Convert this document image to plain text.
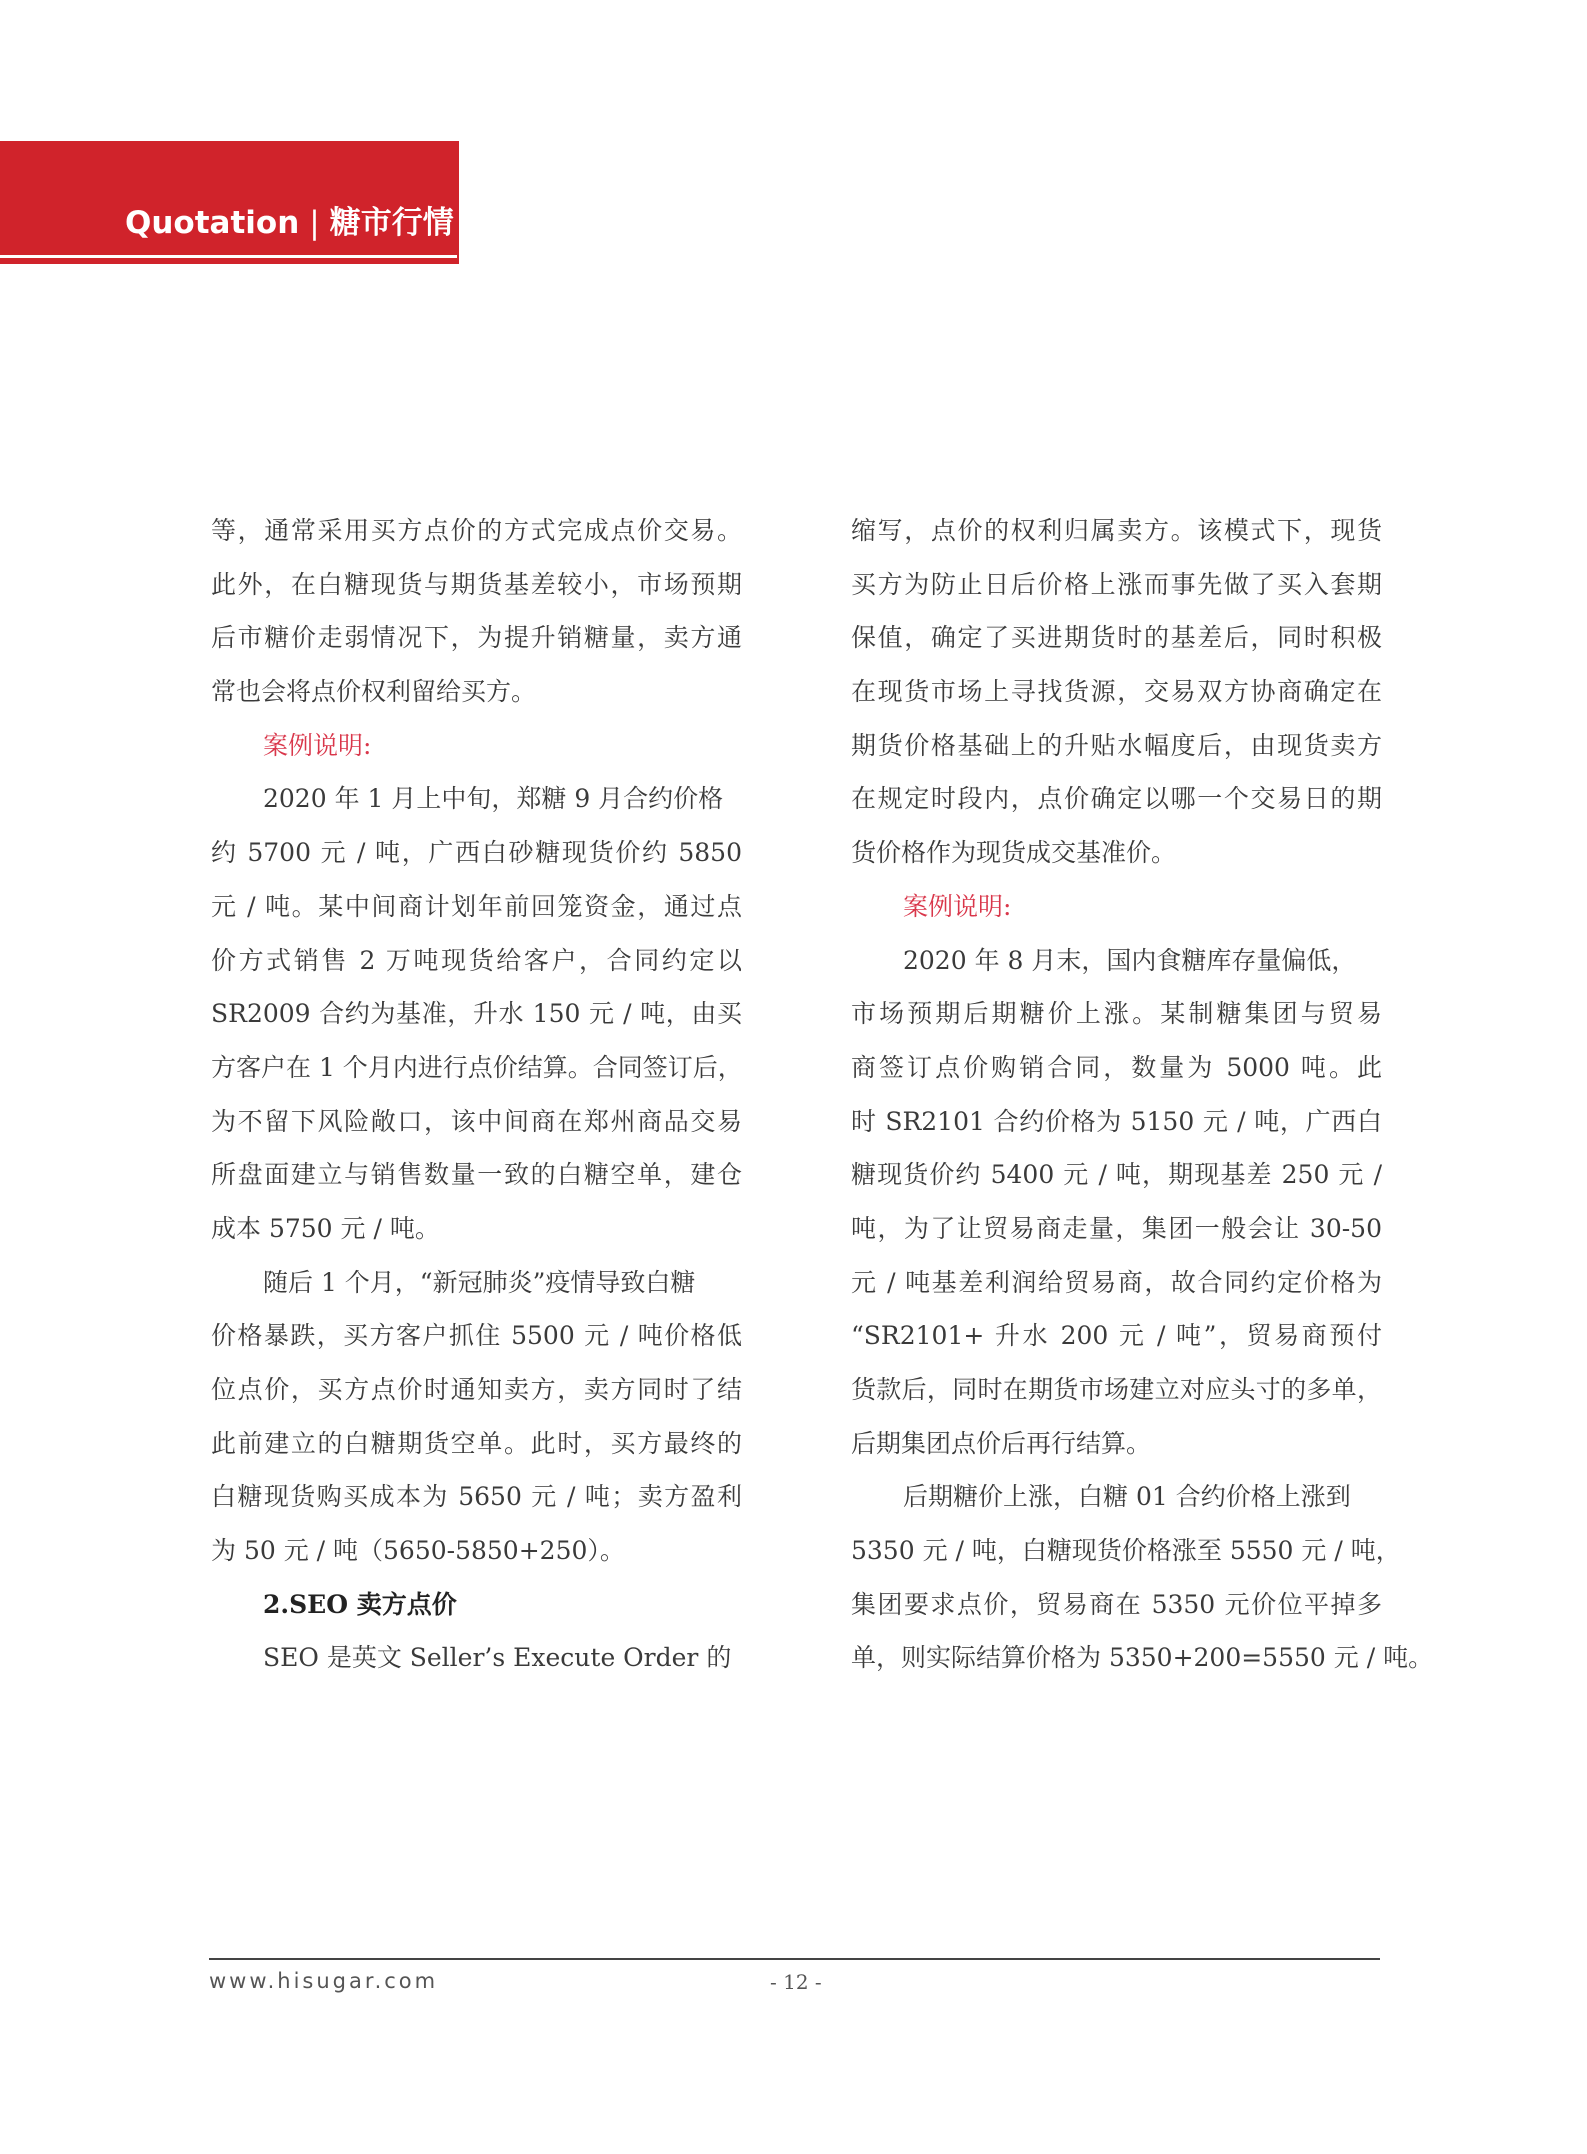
Quotation | 糖市行情
等，通常采用买方点价的方式完成点价交易。
此外，在白糖现货与期货基差较小，市场预期
后市糖价走弱情况下，为提升销糖量，卖方通
常也会将点价权利留给买方。
案例说明:
2020 年 1 月上中旬，郑糖 9 月合约价格
约 5700 元 / 吨，广西白砂糖现货价约 5850
元 / 吨。某中间商计划年前回笼资金，通过点
价方式销售 2 万吨现货给客户，合同约定以
SR2009 合约为基准，升水 150 元 / 吨，由买
方客户在 1 个月内进行点价结算。合同签订后，
为不留下风险敞口，该中间商在郑州商品交易
所盘面建立与销售数量一致的白糖空单，建仓
成本 5750 元 / 吨。
随后 1 个月，“新冠肺炎”疫情导致白糖
价格暴跌，买方客户抓住 5500 元 / 吨价格低
位点价，买方点价时通知卖方，卖方同时了结
此前建立的白糖期货空单。此时，买方最终的
白糖现货购买成本为 5650 元 / 吨；卖方盈利
为 50 元 / 吨（5650-5850+250）。
2.SEO 卖方点价
SEO 是英文 Seller’s Execute Order 的
缩写，点价的权利归属卖方。该模式下，现货
买方为防止日后价格上涨而事先做了买入套期
保值，确定了买进期货时的基差后，同时积极
在现货市场上寻找货源，交易双方协商确定在
期货价格基础上的升贴水幅度后，由现货卖方
在规定时段内，点价确定以哪一个交易日的期
货价格作为现货成交基准价。
案例说明:
2020 年 8 月末，国内食糖库存量偏低，
市场预期后期糖价上涨。某制糖集团与贸易
商签订点价购销合同，数量为 5000 吨。此
时 SR2101 合约价格为 5150 元 / 吨，广西白
糖现货价约 5400 元 / 吨，期现基差 250 元 /
吨，为了让贸易商走量，集团一般会让 30-50
元 / 吨基差利润给贸易商，故合同约定价格为
“SR2101+ 升水 200 元 / 吨”，贸易商预付
货款后，同时在期货市场建立对应头寸的多单，
后期集团点价后再行结算。
后期糖价上涨，白糖 01 合约价格上涨到
5350 元 / 吨，白糖现货价格涨至 5550 元 / 吨，
集团要求点价，贸易商在 5350 元价位平掉多
单，则实际结算价格为 5350+200=5550 元 / 吨。
www.hisugar.com	- 12 -
